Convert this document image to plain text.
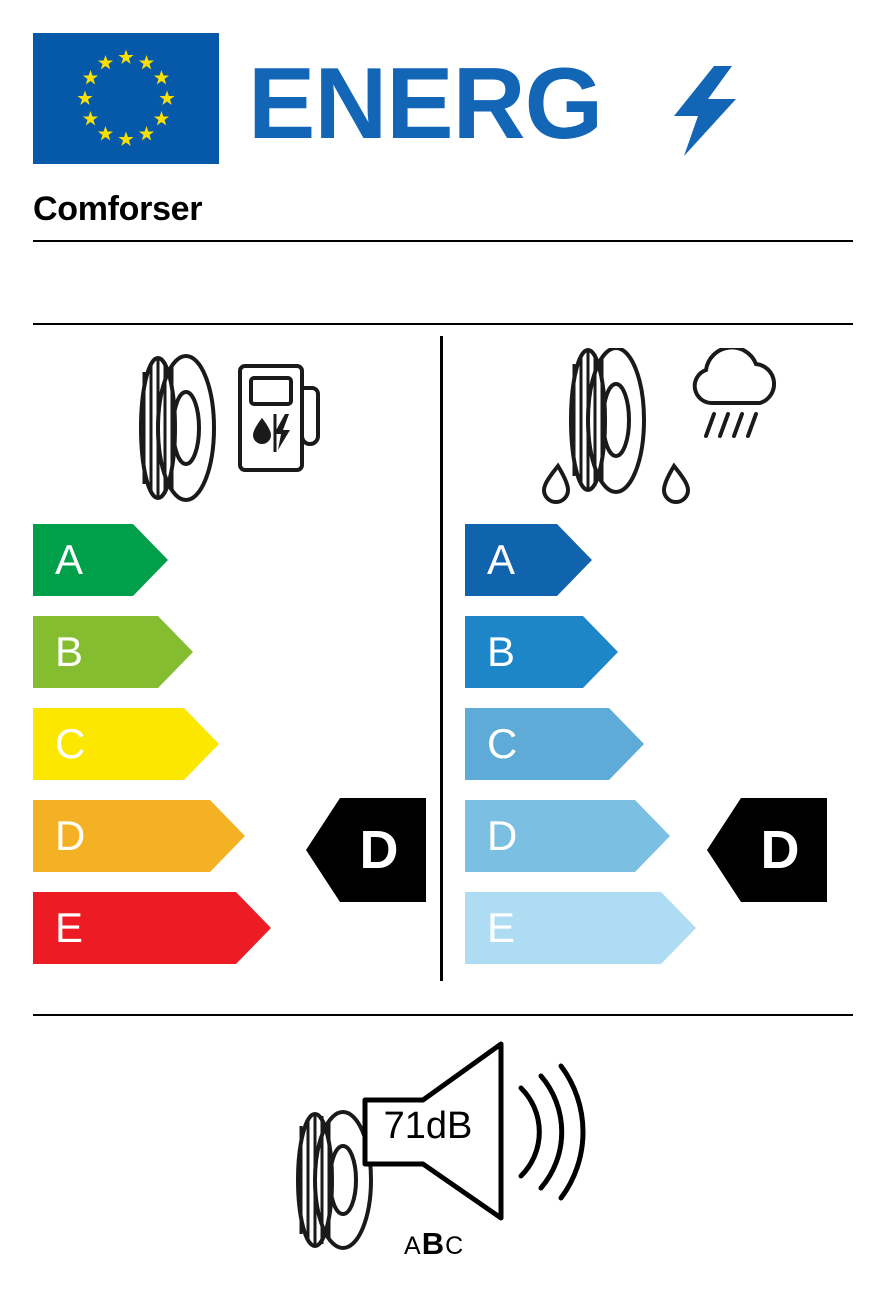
ENERG
Comforser
A
B
C
D
E
A
B
C
D
E
D	D
71dB
ABC
